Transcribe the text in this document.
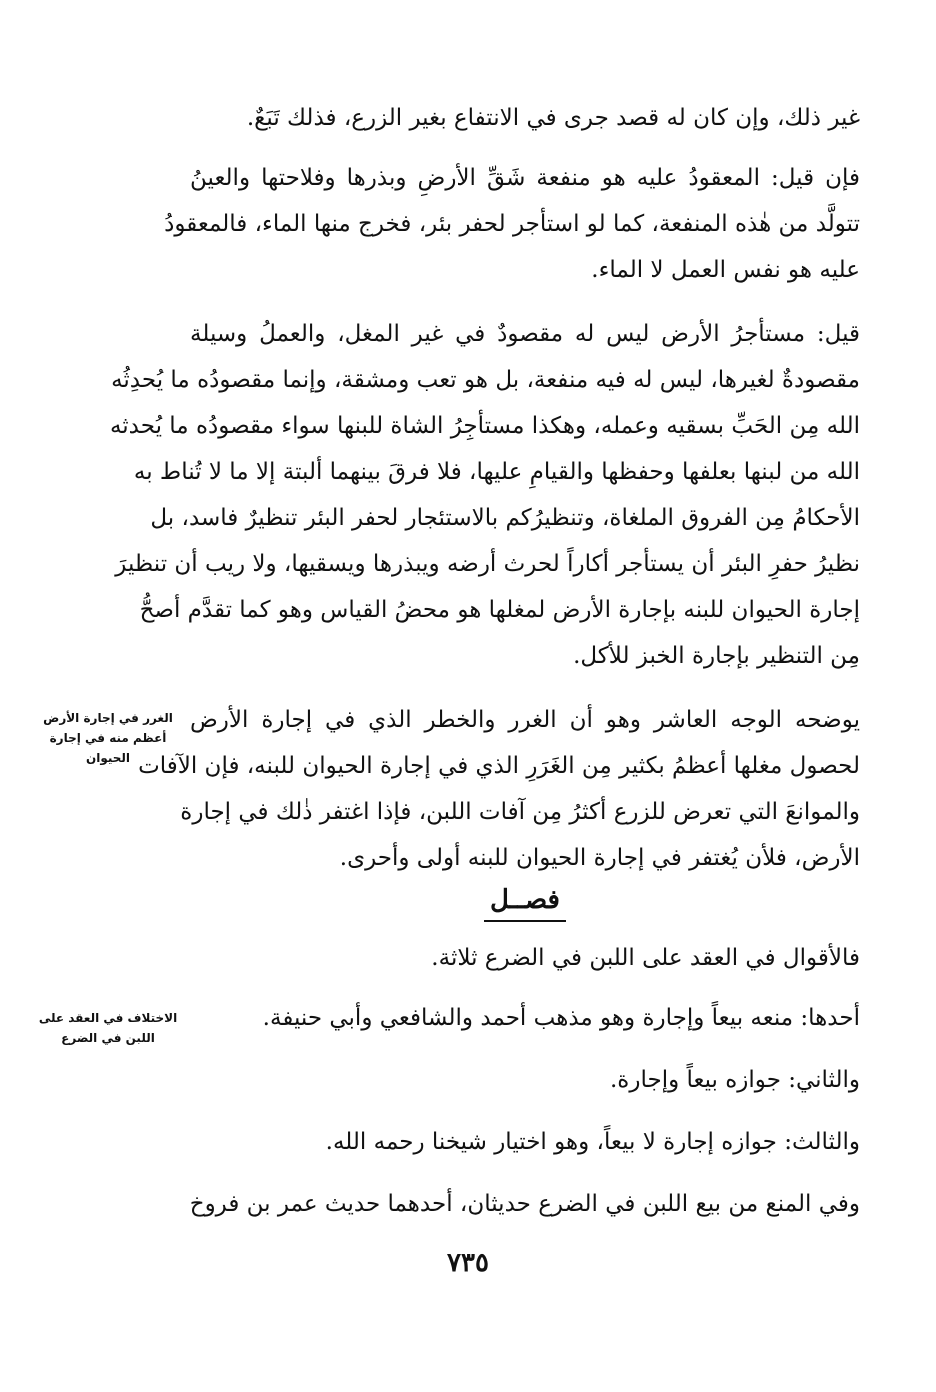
غير ذلك، وإن كان له قصد جرى في الانتفاع بغير الزرع، فذلك تَبَعٌ.
فإن قيل: المعقودُ عليه هو منفعة شَقِّ الأرضِ وبذرها وفلاحتها والعينُ
تتولَّد من هٰذه المنفعة، كما لو استأجر لحفر بئر، فخرج منها الماء، فالمعقودُ
عليه هو نفس العمل لا الماء.
قيل: مستأجرُ الأرض ليس له مقصودٌ في غير المغل، والعملُ وسيلة
مقصودةٌ لغيرها، ليس له فيه منفعة، بل هو تعب ومشقة، وإنما مقصودُه ما يُحدِثُه
الله مِن الحَبِّ بسقيه وعمله، وهكذا مستأجِرُ الشاة للبنها سواء مقصودُه ما يُحدثه
الله من لبنها بعلفها وحفظها والقيامِ عليها، فلا فرقَ بينهما ألبتة إلا ما لا تُناط به
الأحكامُ مِن الفروق الملغاة، وتنظيرُكم بالاستئجار لحفر البئر تنظيرٌ فاسد، بل
نظيرُ حفرِ البئر أن يستأجر أكاراً لحرث أرضه ويبذرها ويسقيها، ولا ريب أن تنظيرَ
إجارة الحيوان للبنه بإجارة الأرض لمغلها هو محضُ القياس وهو كما تقدَّم أصحُّ
مِن التنظير بإجارة الخبز للأكل.
يوضحه الوجه العاشر وهو أن الغرر والخطر الذي في إجارة الأرض
لحصول مغلها أعظمُ بكثير مِن الغَرَرِ الذي في إجارة الحيوان للبنه، فإن الآفات
والموانعَ التي تعرض للزرع أكثرُ مِن آفات اللبن، فإذا اغتفر ذٰلك في إجارة
الأرض، فلأن يُغتفر في إجارة الحيوان للبنه أولى وأحرى.
فصــل
فالأقوال في العقد على اللبن في الضرع ثلاثة.
أحدها: منعه بيعاً وإجارة وهو مذهب أحمد والشافعي وأبي حنيفة.
والثاني: جوازه بيعاً وإجارة.
والثالث: جوازه إجارة لا بيعاً، وهو اختيار شيخنا رحمه الله.
وفي المنع من بيع اللبن في الضرع حديثان، أحدهما حديث عمر بن فروخ
الغرر في إجارة الأرض أعظم منه في إجارة الحيوان
الاختلاف في العقد على اللبن في الضرع
٧٣٥
